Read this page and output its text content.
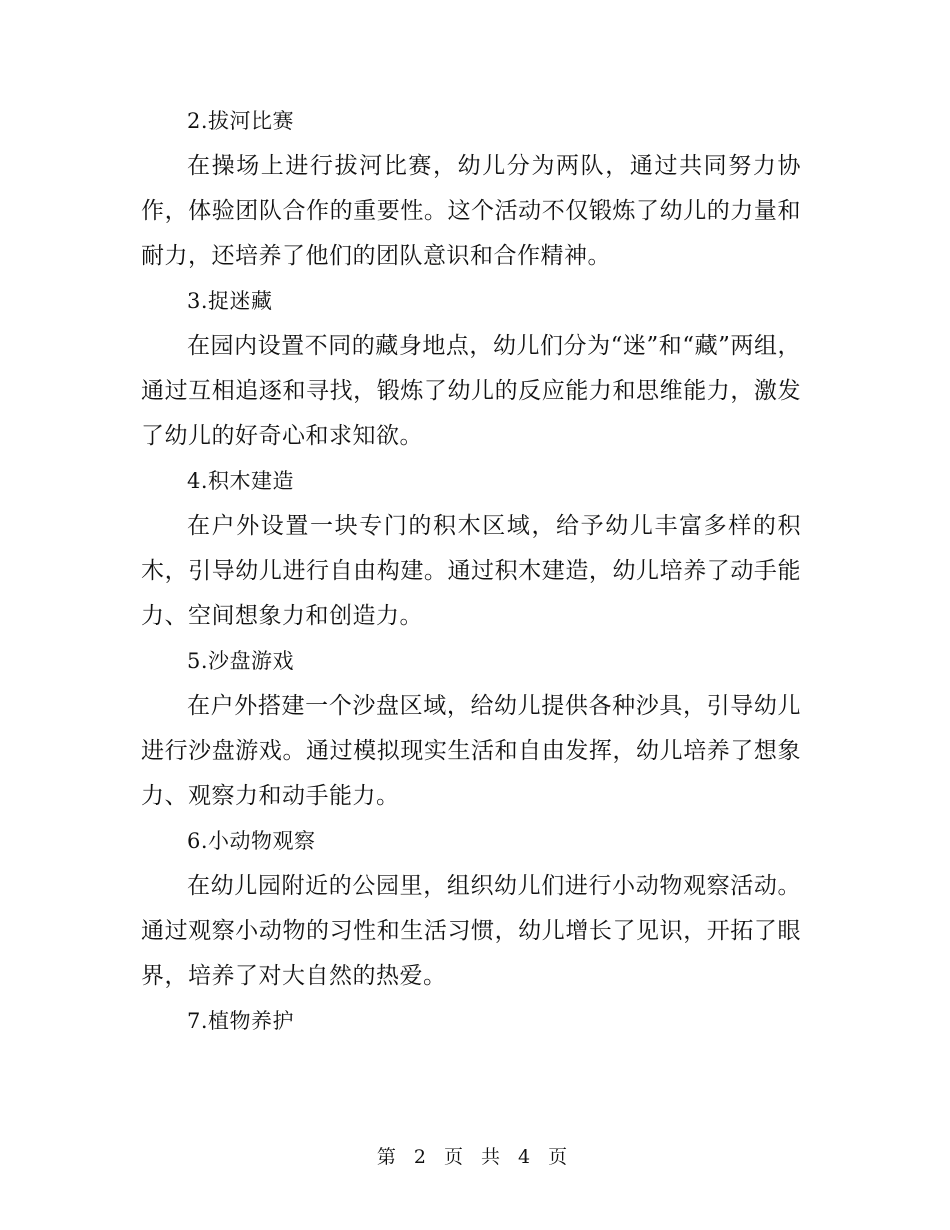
2.拔河比赛

在操场上进行拔河比赛，幼儿分为两队，通过共同努力协作，体验团队合作的重要性。这个活动不仅锻炼了幼儿的力量和耐力，还培养了他们的团队意识和合作精神。

3.捉迷藏

在园内设置不同的藏身地点，幼儿们分为“迷”和“藏”两组，通过互相追逐和寻找，锻炼了幼儿的反应能力和思维能力，激发了幼儿的好奇心和求知欲。

4.积木建造

在户外设置一块专门的积木区域，给予幼儿丰富多样的积木，引导幼儿进行自由构建。通过积木建造，幼儿培养了动手能力、空间想象力和创造力。

5.沙盘游戏

在户外搭建一个沙盘区域，给幼儿提供各种沙具，引导幼儿进行沙盘游戏。通过模拟现实生活和自由发挥，幼儿培养了想象力、观察力和动手能力。

6.小动物观察

在幼儿园附近的公园里，组织幼儿们进行小动物观察活动。通过观察小动物的习性和生活习惯，幼儿增长了见识，开拓了眼界，培养了对大自然的热爱。

7.植物养护
第 2 页 共 4 页
